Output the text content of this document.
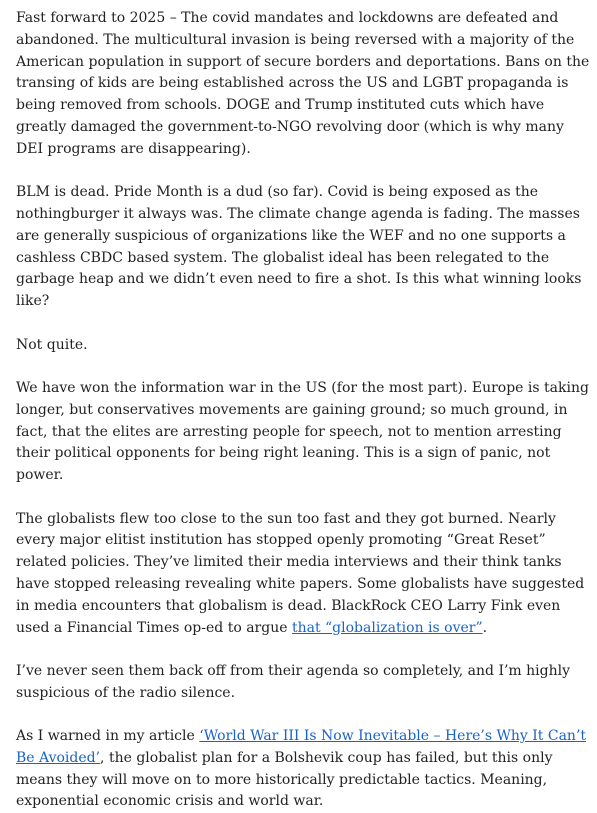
Fast forward to 2025 – The covid mandates and lockdowns are defeated and abandoned. The multicultural invasion is being reversed with a majority of the American population in support of secure borders and deportations. Bans on the transing of kids are being established across the US and LGBT propaganda is being removed from schools. DOGE and Trump instituted cuts which have greatly damaged the government-to-NGO revolving door (which is why many DEI programs are disappearing).

BLM is dead. Pride Month is a dud (so far). Covid is being exposed as the nothingburger it always was. The climate change agenda is fading. The masses are generally suspicious of organizations like the WEF and no one supports a cashless CBDC based system. The globalist ideal has been relegated to the garbage heap and we didn’t even need to fire a shot. Is this what winning looks like?

Not quite.

We have won the information war in the US (for the most part). Europe is taking longer, but conservatives movements are gaining ground; so much ground, in fact, that the elites are arresting people for speech, not to mention arresting their political opponents for being right leaning. This is a sign of panic, not power.

The globalists flew too close to the sun too fast and they got burned. Nearly every major elitist institution has stopped openly promoting “Great Reset” related policies. They’ve limited their media interviews and their think tanks have stopped releasing revealing white papers. Some globalists have suggested in media encounters that globalism is dead. BlackRock CEO Larry Fink even used a Financial Times op-ed to argue that “globalization is over”.

I’ve never seen them back off from their agenda so completely, and I’m highly suspicious of the radio silence.

As I warned in my article ‘World War III Is Now Inevitable – Here’s Why It Can’t Be Avoided’, the globalist plan for a Bolshevik coup has failed, but this only means they will move on to more historically predictable tactics. Meaning, exponential economic crisis and world war.
